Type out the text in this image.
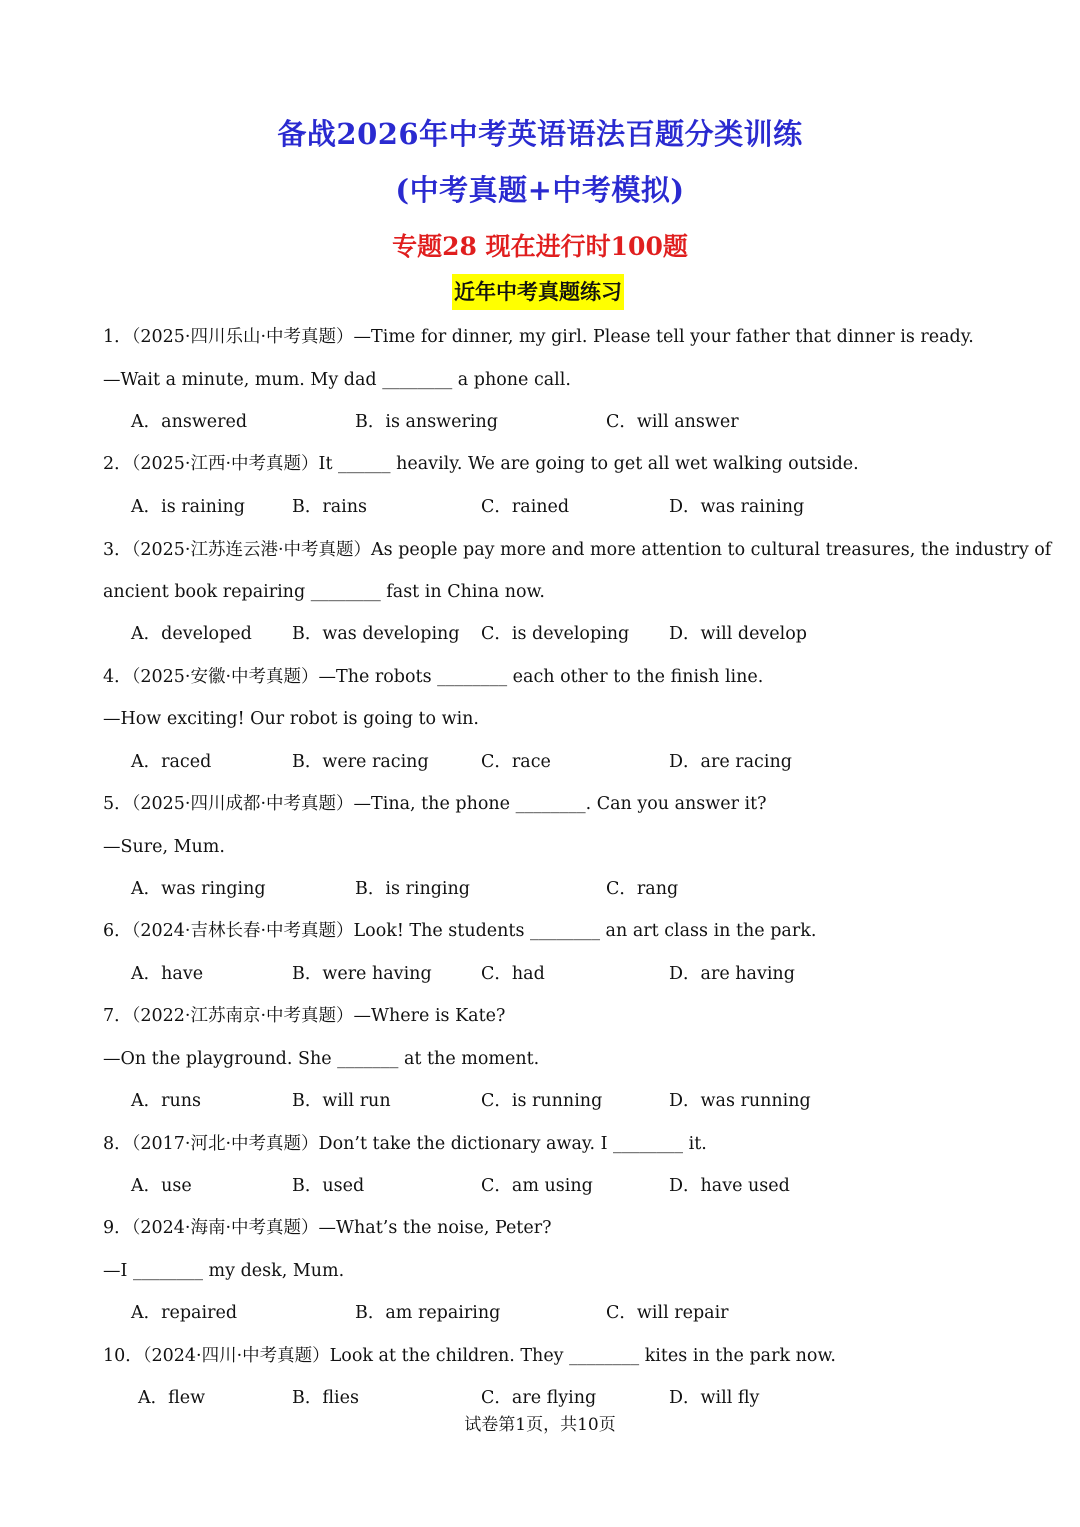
备战2026年中考英语语法百题分类训练
(中考真题+中考模拟)
专题28 现在进行时100题
近年中考真题练习
1．（2025·四川乐山·中考真题）—Time for dinner, my girl. Please tell your father that dinner is ready.
—Wait a minute, mum. My dad ________ a phone call.
A．answered	B．is answering	C．will answer
2．（2025·江西·中考真题）It ______ heavily. We are going to get all wet walking outside.
A．is raining	B．rains	C．rained	D．was raining
3．（2025·江苏连云港·中考真题）As people pay more and more attention to cultural treasures, the industry of
ancient book repairing ________ fast in China now.
A．developed B．was developing C．is developing D．will develop
4．（2025·安徽·中考真题）—The robots ________ each other to the finish line.
—How exciting! Our robot is going to win.
A．raced	B．were racing	C．race	D．are racing
5．（2025·四川成都·中考真题）—Tina, the phone ________. Can you answer it?
—Sure, Mum.
A．was ringing	B．is ringing	C．rang
6．（2024·吉林长春·中考真题）Look! The students ________ an art class in the park.
A．have	B．were having	C．had	D．are having
7．（2022·江苏南京·中考真题）—Where is Kate?
—On the playground. She _______ at the moment.
A．runs	B．will run	C．is running	D．was running
8．（2017·河北·中考真题）Don’t take the dictionary away. I ________ it.
A．use	B．used	C．am using	D．have used
9．（2024·海南·中考真题）—What’s the noise, Peter?
—I ________ my desk, Mum.
A．repaired	B．am repairing	C．will repair
10．（2024·四川·中考真题）Look at the children. They ________ kites in the park now.
A．flew	B．flies	C．are flying	D．will fly
试卷第1页，共10页
